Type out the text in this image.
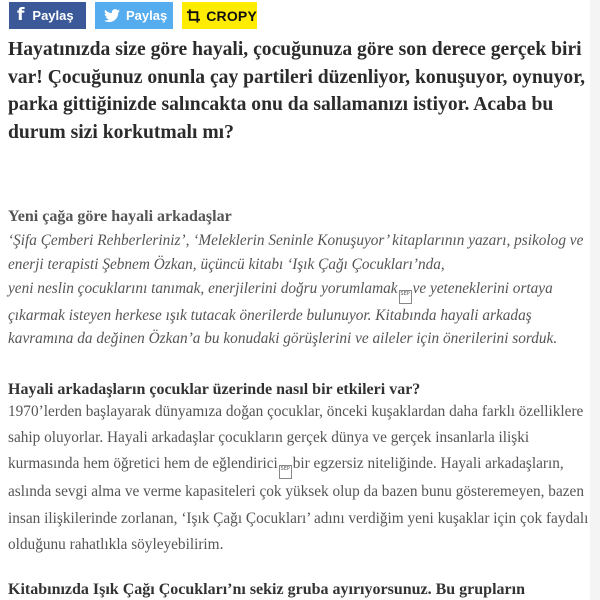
f Paylaş	Paylaş	CROPY

Hayatınızda size göre hayali, çocuğunuza göre son derece gerçek biri var! Çocuğunuz onunla çay partileri düzenliyor, konuşuyor, oynuyor, parka gittiğinizde salıncakta onu da sallamanızı istiyor. Acaba bu durum sizi korkutmalı mı?

Yeni çağa göre hayali arkadaşlar

‘Şifa Çemberi Rehberleriniz’, ‘Meleklerin Seninle Konuşuyor’ kitaplarının yazarı, psikolog ve enerji terapisti Şebnem Özkan, üçüncü kitabı ‘Işık Çağı Çocukları’nda,
yeni neslin çocuklarını tanımak, enerjilerini doğru yorumlamak SEP ve yeteneklerini ortaya çıkarmak isteyen herkese ışık tutacak önerilerde bulunuyor. Kitabında hayali arkadaş kavramına da değinen Özkan’a bu konudaki görüşlerini ve aileler için önerilerini sorduk.

Hayali arkadaşların çocuklar üzerinde nasıl bir etkileri var?

1970’lerden başlayarak dünyamıza doğan çocuklar, önceki kuşaklardan daha farklı özelliklere sahip oluyorlar. Hayali arkadaşlar çocukların gerçek dünya ve gerçek insanlarla ilişki kurmasında hem öğretici hem de eğlendirici SEP bir egzersiz niteliğinde. Hayali arkadaşların, aslında sevgi alma ve verme kapasiteleri çok yüksek olup da bazen bunu gösteremeyen, bazen insan ilişkilerinde zorlanan, ‘Işık Çağı Çocukları’ adını verdiğim yeni kuşaklar için çok faydalı olduğunu rahatlıkla söyleyebilirim.

Kitabınızda Işık Çağı Çocukları’nı sekiz gruba ayırıyorsunuz. Bu grupların
